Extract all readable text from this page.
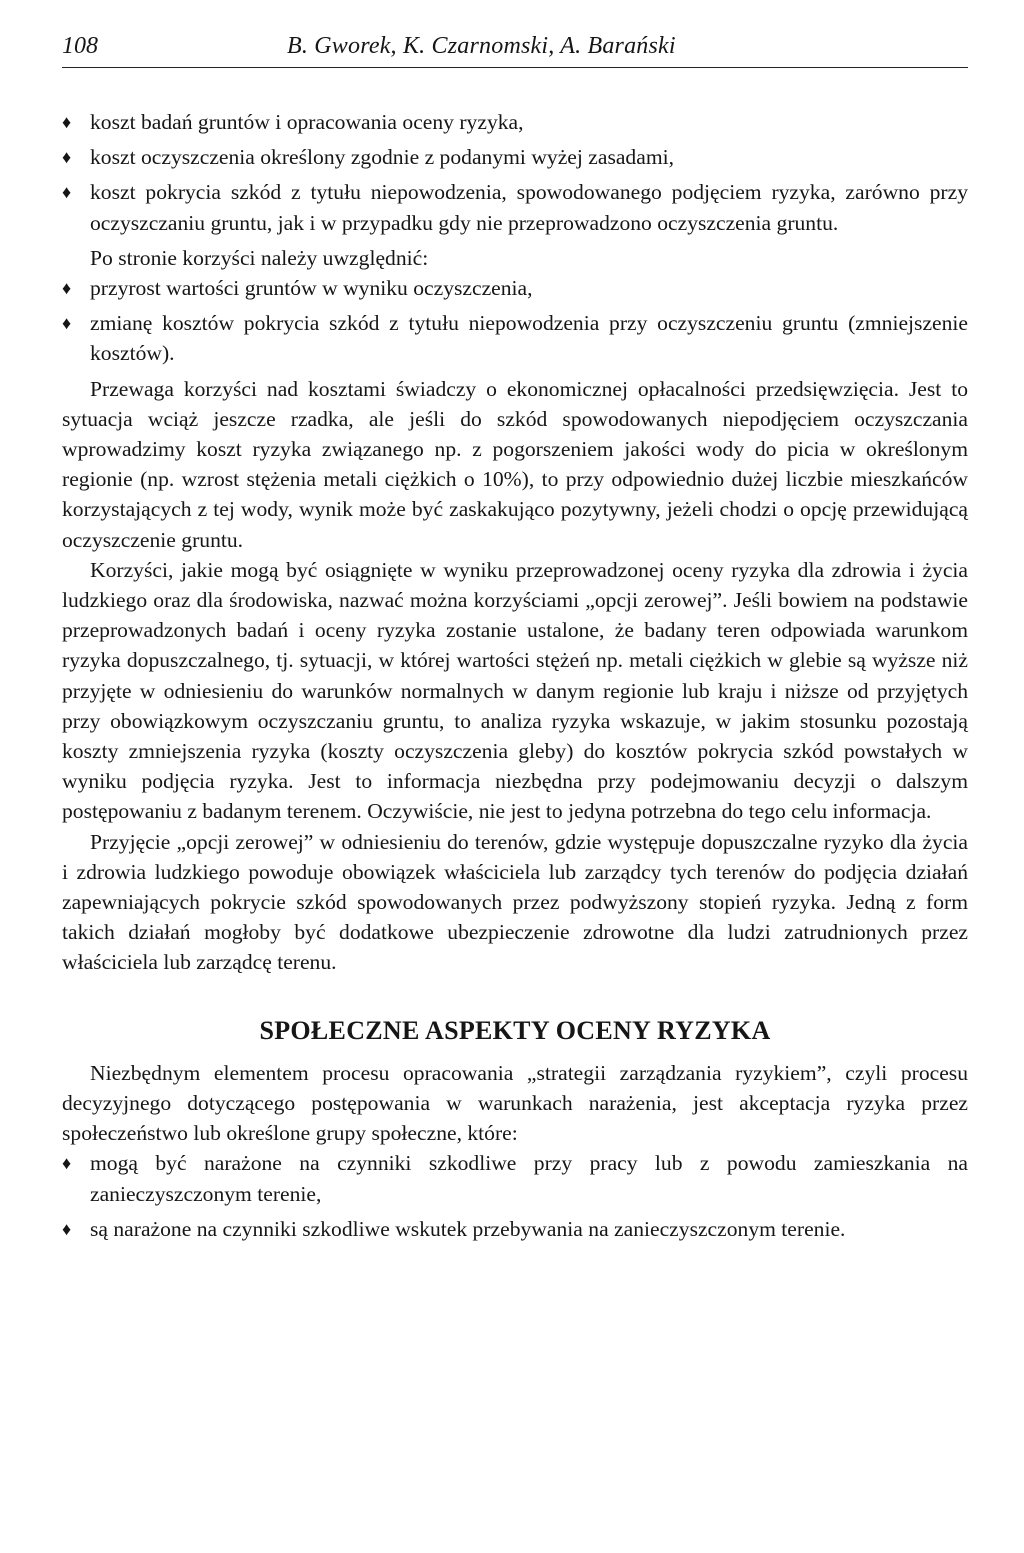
108	B. Gworek, K. Czarnomski, A. Barański
♦ koszt badań gruntów i opracowania oceny ryzyka,
♦ koszt oczyszczenia określony zgodnie z podanymi wyżej zasadami,
♦ koszt pokrycia szkód z tytułu niepowodzenia, spowodowanego podjęciem ryzyka, zarówno przy oczyszczaniu gruntu, jak i w przypadku gdy nie przeprowadzono oczyszczenia gruntu.

Po stronie korzyści należy uwzględnić:

♦ przyrost wartości gruntów w wyniku oczyszczenia,
♦ zmianę kosztów pokrycia szkód z tytułu niepowodzenia przy oczyszczeniu gruntu (zmniejszenie kosztów).

Przewaga korzyści nad kosztami świadczy o ekonomicznej opłacalności przedsięwzięcia. Jest to sytuacja wciąż jeszcze rzadka, ale jeśli do szkód spowodowanych niepodjęciem oczyszczania wprowadzimy koszt ryzyka związanego np. z pogorszeniem jakości wody do picia w określonym regionie (np. wzrost stężenia metali ciężkich o 10%), to przy odpowiednio dużej liczbie mieszkańców korzystających z tej wody, wynik może być zaskakująco pozytywny, jeżeli chodzi o opcję przewidującą oczyszczenie gruntu.

Korzyści, jakie mogą być osiągnięte w wyniku przeprowadzonej oceny ryzyka dla zdrowia i życia ludzkiego oraz dla środowiska, nazwać można korzyściami „opcji zerowej”. Jeśli bowiem na podstawie przeprowadzonych badań i oceny ryzyka zostanie ustalone, że badany teren odpowiada warunkom ryzyka dopuszczalnego, tj. sytuacji, w której wartości stężeń np. metali ciężkich w glebie są wyższe niż przyjęte w odniesieniu do warunków normalnych w danym regionie lub kraju i niższe od przyjętych przy obowiązkowym oczyszczaniu gruntu, to analiza ryzyka wskazuje, w jakim stosunku pozostają koszty zmniejszenia ryzyka (koszty oczyszczenia gleby) do kosztów pokrycia szkód powstałych w wyniku podjęcia ryzyka. Jest to informacja niezbędna przy podejmowaniu decyzji o dalszym postępowaniu z badanym terenem. Oczywiście, nie jest to jedyna potrzebna do tego celu informacja.

Przyjęcie „opcji zerowej” w odniesieniu do terenów, gdzie występuje dopuszczalne ryzyko dla życia i zdrowia ludzkiego powoduje obowiązek właściciela lub zarządcy tych terenów do podjęcia działań zapewniających pokrycie szkód spowodowanych przez podwyższony stopień ryzyka. Jedną z form takich działań mogłoby być dodatkowe ubezpieczenie zdrowotne dla ludzi zatrudnionych przez właściciela lub zarządcę terenu.

SPOŁECZNE ASPEKTY OCENY RYZYKA

Niezbędnym elementem procesu opracowania „strategii zarządzania ryzykiem”, czyli procesu decyzyjnego dotyczącego postępowania w warunkach narażenia, jest akceptacja ryzyka przez społeczeństwo lub określone grupy społeczne, które:

♦ mogą być narażone na czynniki szkodliwe przy pracy lub z powodu zamieszkania na zanieczyszczonym terenie,
♦ są narażone na czynniki szkodliwe wskutek przebywania na zanieczyszczonym terenie.
